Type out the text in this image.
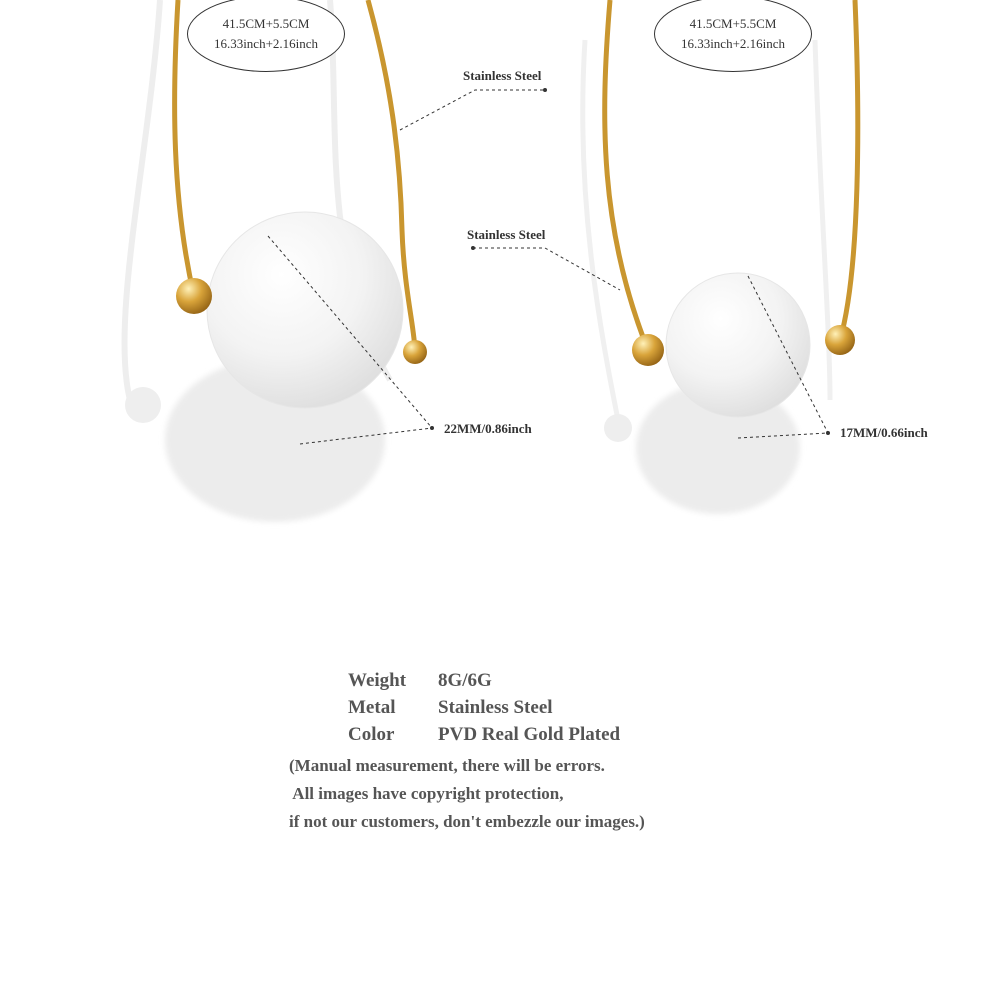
41.5CM+5.5CM
16.33inch+2.16inch
41.5CM+5.5CM
16.33inch+2.16inch
Stainless Steel
22MM/0.86inch
Stainless Steel
17MM/0.66inch
Weight 8G/6G
Metal Stainless Steel
Color PVD Real Gold Plated
(Manual measurement, there will be errors.
All images have copyright protection,
if not our customers, don't embezzle our images.)
